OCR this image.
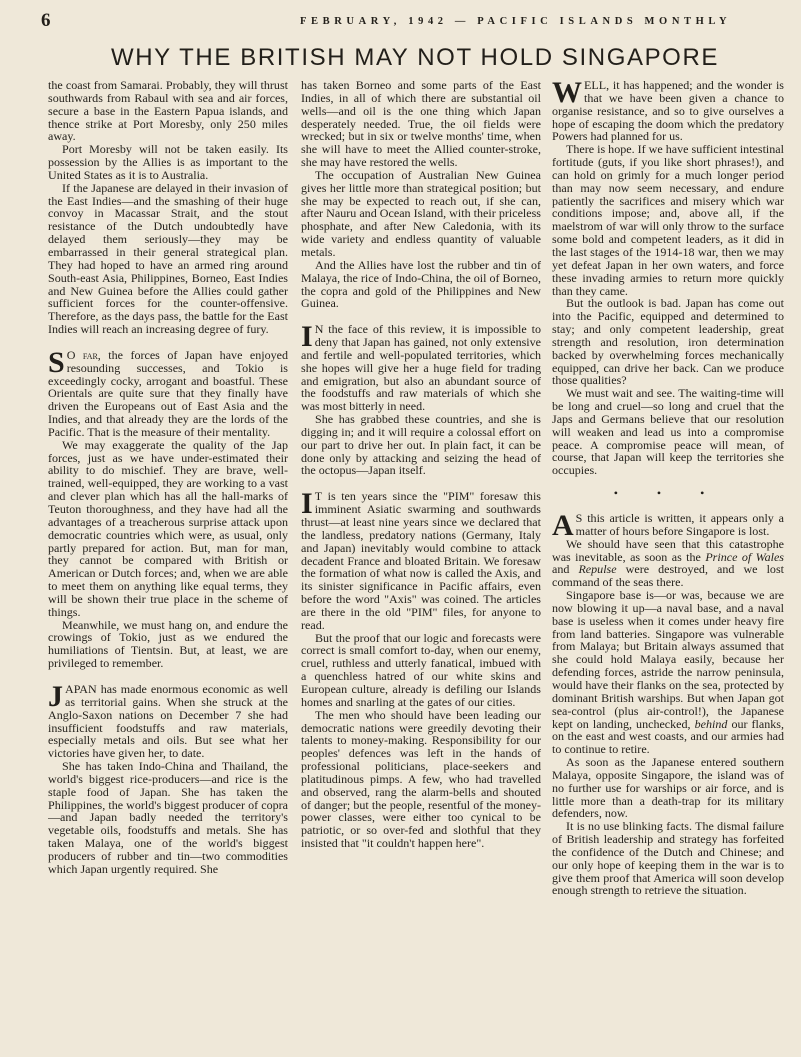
6	FEBRUARY, 1942 — PACIFIC ISLANDS MONTHLY
WHY THE BRITISH MAY NOT HOLD SINGAPORE

the coast from Samarai. Probably, they will thrust southwards from Rabaul with sea and air forces, secure a base in the Eastern Papua islands, and thence strike at Port Moresby, only 250 miles away.

Port Moresby will not be taken easily. Its possession by the Allies is as important to the United States as it is to Australia.

If the Japanese are delayed in their invasion of the East Indies—and the smashing of their huge convoy in Macassar Strait, and the stout resistance of the Dutch undoubtedly have delayed them seriously—they may be embarrassed in their general strategical plan. They had hoped to have an armed ring around South-east Asia, Philippines, Borneo, East Indies and New Guinea before the Allies could gather sufficient forces for the counter-offensive. Therefore, as the days pass, the battle for the East Indies will reach an increasing degree of fury.

S O far, the forces of Japan have enjoyed resounding successes, and Tokio is exceedingly cocky, arrogant and boastful. These Orientals are quite sure that they finally have driven the Europeans out of East Asia and the Indies, and that already they are the lords of the Pacific. That is the measure of their mentality.

We may exaggerate the quality of the Jap forces, just as we have under-estimated their ability to do mischief. They are brave, well-trained, well-equipped, they are working to a vast and clever plan which has all the hall-marks of Teuton thoroughness, and they have had all the advantages of a treacherous surprise attack upon democratic countries which were, as usual, only partly prepared for action. But, man for man, they cannot be compared with British or American or Dutch forces; and, when we are able to meet them on anything like equal terms, they will be shown their true place in the scheme of things.

Meanwhile, we must hang on, and endure the crowings of Tokio, just as we endured the humiliations of Tientsin. But, at least, we are privileged to remember.

JAPAN has made enormous economic as well as territorial gains. When she struck at the Anglo-Saxon nations on December 7 she had insufficient foodstuffs and raw materials, especially metals and oils. But see what her victories have given her, to date.

She has taken Indo-China and Thailand, the world's biggest rice-producers—and rice is the staple food of Japan. She has taken the Philippines, the world's biggest producer of copra—and Japan badly needed the territory's vegetable oils, foodstuffs and metals. She has taken Malaya, one of the world's biggest producers of rubber and tin—two commodities which Japan urgently required. She

has taken Borneo and some parts of the East Indies, in all of which there are substantial oil wells—and oil is the one thing which Japan desperately needed. True, the oil fields were wrecked; but in six or twelve months' time, when she will have to meet the Allied counter-stroke, she may have restored the wells.

The occupation of Australian New Guinea gives her little more than strategical position; but she may be expected to reach out, if she can, after Nauru and Ocean Island, with their priceless phosphate, and after New Caledonia, with its wide variety and endless quantity of valuable metals.

And the Allies have lost the rubber and tin of Malaya, the rice of Indo-China, the oil of Borneo, the copra and gold of the Philippines and New Guinea.

I N the face of this review, it is impossible to deny that Japan has gained, not only extensive and fertile and well-populated territories, which she hopes will give her a huge field for trading and emigration, but also an abundant source of the foodstuffs and raw materials of which she was most bitterly in need.

She has grabbed these countries, and she is digging in; and it will require a colossal effort on our part to drive her out. In plain fact, it can be done only by attacking and seizing the head of the octopus—Japan itself.

I T is ten years since the "PIM" foresaw this imminent Asiatic swarming and southwards thrust—at least nine years since we declared that the landless, predatory nations (Germany, Italy and Japan) inevitably would combine to attack decadent France and bloated Britain. We foresaw the formation of what now is called the Axis, and its sinister significance in Pacific affairs, even before the word "Axis" was coined. The articles are there in the old "PIM" files, for anyone to read.

But the proof that our logic and forecasts were correct is small comfort to-day, when our enemy, cruel, ruthless and utterly fanatical, imbued with a quenchless hatred of our white skins and European culture, already is defiling our Islands homes and snarling at the gates of our cities.

The men who should have been leading our democratic nations were greedily devoting their talents to money-making. Responsibility for our peoples' defences was left in the hands of professional politicians, place-seekers and platitudinous pimps. A few, who had travelled and observed, rang the alarm-bells and shouted of danger; but the people, resentful of the money-power classes, were either too cynical to be patriotic, or so over-fed and slothful that they insisted that "it couldn't happen here".

WELL, it has happened; and the wonder is that we have been given a chance to organise resistance, and so to give ourselves a hope of escaping the doom which the predatory Powers had planned for us.

There is hope. If we have sufficient intestinal fortitude (guts, if you like short phrases!), and can hold on grimly for a much longer period than may now seem necessary, and endure patiently the sacrifices and misery which war conditions impose; and, above all, if the maelstrom of war will only throw to the surface some bold and competent leaders, as it did in the last stages of the 1914-18 war, then we may yet defeat Japan in her own waters, and force these invading armies to return more quickly than they came.

But the outlook is bad. Japan has come out into the Pacific, equipped and determined to stay; and only competent leadership, great strength and resolution, iron determination backed by overwhelming forces mechanically equipped, can drive her back. Can we produce those qualities?

We must wait and see. The waiting-time will be long and cruel—so long and cruel that the Japs and Germans believe that our resolution will weaken and lead us into a compromise peace. A compromise peace will mean, of course, that Japan will keep the territories she occupies.

• • •

A S this article is written, it appears only a matter of hours before Singapore is lost.

We should have seen that this catastrophe was inevitable, as soon as the Prince of Wales and Repulse were destroyed, and we lost command of the seas there.

Singapore base is—or was, because we are now blowing it up—a naval base, and a naval base is useless when it comes under heavy fire from land batteries. Singapore was vulnerable from Malaya; but Britain always assumed that she could hold Malaya easily, because her defending forces, astride the narrow peninsula, would have their flanks on the sea, protected by dominant British warships. But when Japan got sea-control (plus air-control!), the Japanese kept on landing, unchecked, behind our flanks, on the east and west coasts, and our armies had to continue to retire.

As soon as the Japanese entered southern Malaya, opposite Singapore, the island was of no further use for warships or air force, and is little more than a death-trap for its military defenders, now.

It is no use blinking facts. The dismal failure of British leadership and strategy has forfeited the confidence of the Dutch and Chinese; and our only hope of keeping them in the war is to give them proof that America will soon develop enough strength to retrieve the situation.
